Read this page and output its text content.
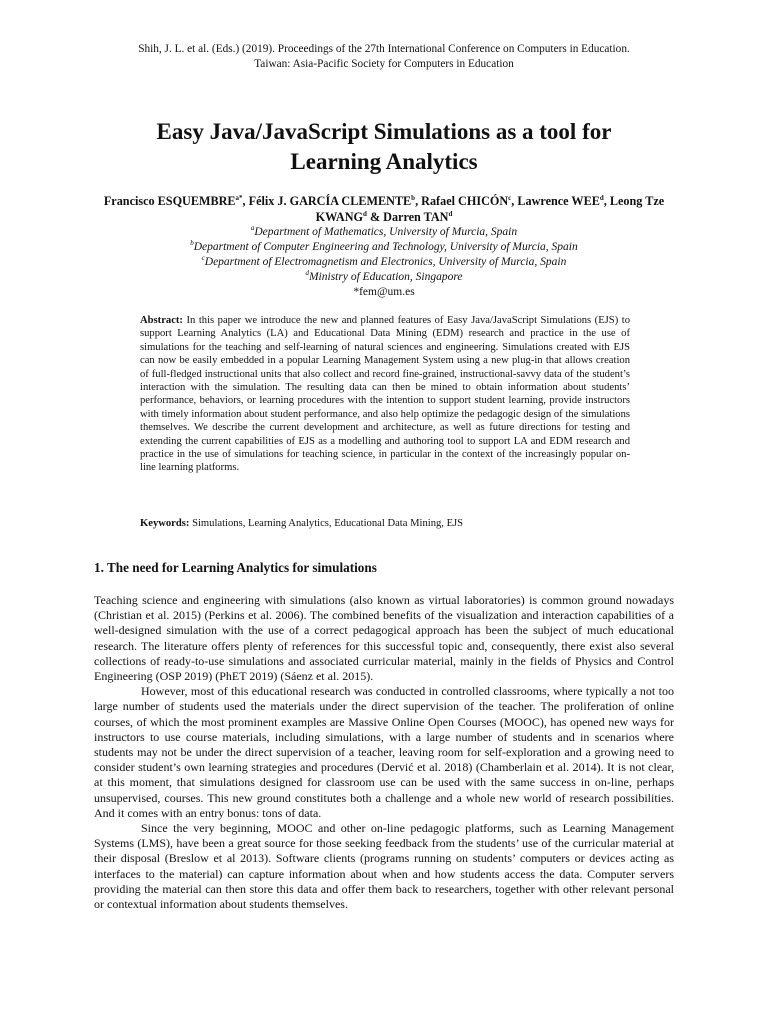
Shih, J. L. et al. (Eds.) (2019). Proceedings of the 27th International Conference on Computers in Education.
Taiwan: Asia-Pacific Society for Computers in Education
Easy Java/JavaScript Simulations as a tool for
Learning Analytics
Francisco $ESQUEMBRE^{a*}$, Félix J. GARCÍA CLEMENTE$^b$, Rafael CHICÓN$^c$, Lawrence WEE$^d$, Leong Tze KWANG$^d$ & Darren TAN$^d$
$^a$Department of Mathematics, University of Murcia, Spain
$^b$Department of Computer Engineering and Technology, University of Murcia, Spain
$^c$Department of Electromagnetism and Electronics, University of Murcia, Spain
$^d$Ministry of Education, Singapore
*fem@um.es
Abstract: In this paper we introduce the new and planned features of Easy Java/JavaScript Simulations (EJS) to support Learning Analytics (LA) and Educational Data Mining (EDM) research and practice in the use of simulations for the teaching and self-learning of natural sciences and engineering. Simulations created with EJS can now be easily embedded in a popular Learning Management System using a new plug-in that allows creation of full-fledged instructional units that also collect and record fine-grained, instructional-savvy data of the student’s interaction with the simulation. The resulting data can then be mined to obtain information about students’ performance, behaviors, or learning procedures with the intention to support student learning, provide instructors with timely information about student performance, and also help optimize the pedagogic design of the simulations themselves. We describe the current development and architecture, as well as future directions for testing and extending the current capabilities of EJS as a modelling and authoring tool to support LA and EDM research and practice in the use of simulations for teaching science, in particular in the context of the increasingly popular on-line learning platforms.
Keywords: Simulations, Learning Analytics, Educational Data Mining, EJS
1. The need for Learning Analytics for simulations

Teaching science and engineering with simulations (also known as virtual laboratories) is common ground nowadays (Christian et al. 2015) (Perkins et al. 2006). The combined benefits of the visualization and interaction capabilities of a well-designed simulation with the use of a correct pedagogical approach has been the subject of much educational research. The literature offers plenty of references for this successful topic and, consequently, there exist also several collections of ready-to-use simulations and associated curricular material, mainly in the fields of Physics and Control Engineering (OSP 2019) (PhET 2019) (Sáenz et al. 2015).

However, most of this educational research was conducted in controlled classrooms, where typically a not too large number of students used the materials under the direct supervision of the teacher. The proliferation of online courses, of which the most prominent examples are Massive Online Open Courses (MOOC), has opened new ways for instructors to use course materials, including simulations, with a large number of students and in scenarios where students may not be under the direct supervision of a teacher, leaving room for self-exploration and a growing need to consider student’s own learning strategies and procedures (Dervić et al. 2018) (Chamberlain et al. 2014). It is not clear, at this moment, that simulations designed for classroom use can be used with the same success in on-line, perhaps unsupervised, courses. This new ground constitutes both a challenge and a whole new world of research possibilities. And it comes with an entry bonus: tons of data.

Since the very beginning, MOOC and other on-line pedagogic platforms, such as Learning Management Systems (LMS), have been a great source for those seeking feedback from the students’ use of the curricular material at their disposal (Breslow et al 2013). Software clients (programs running on students’ computers or devices acting as interfaces to the material) can capture information about when and how students access the data. Computer servers providing the material can then store this data and offer them back to researchers, together with other relevant personal or contextual information about students themselves.
